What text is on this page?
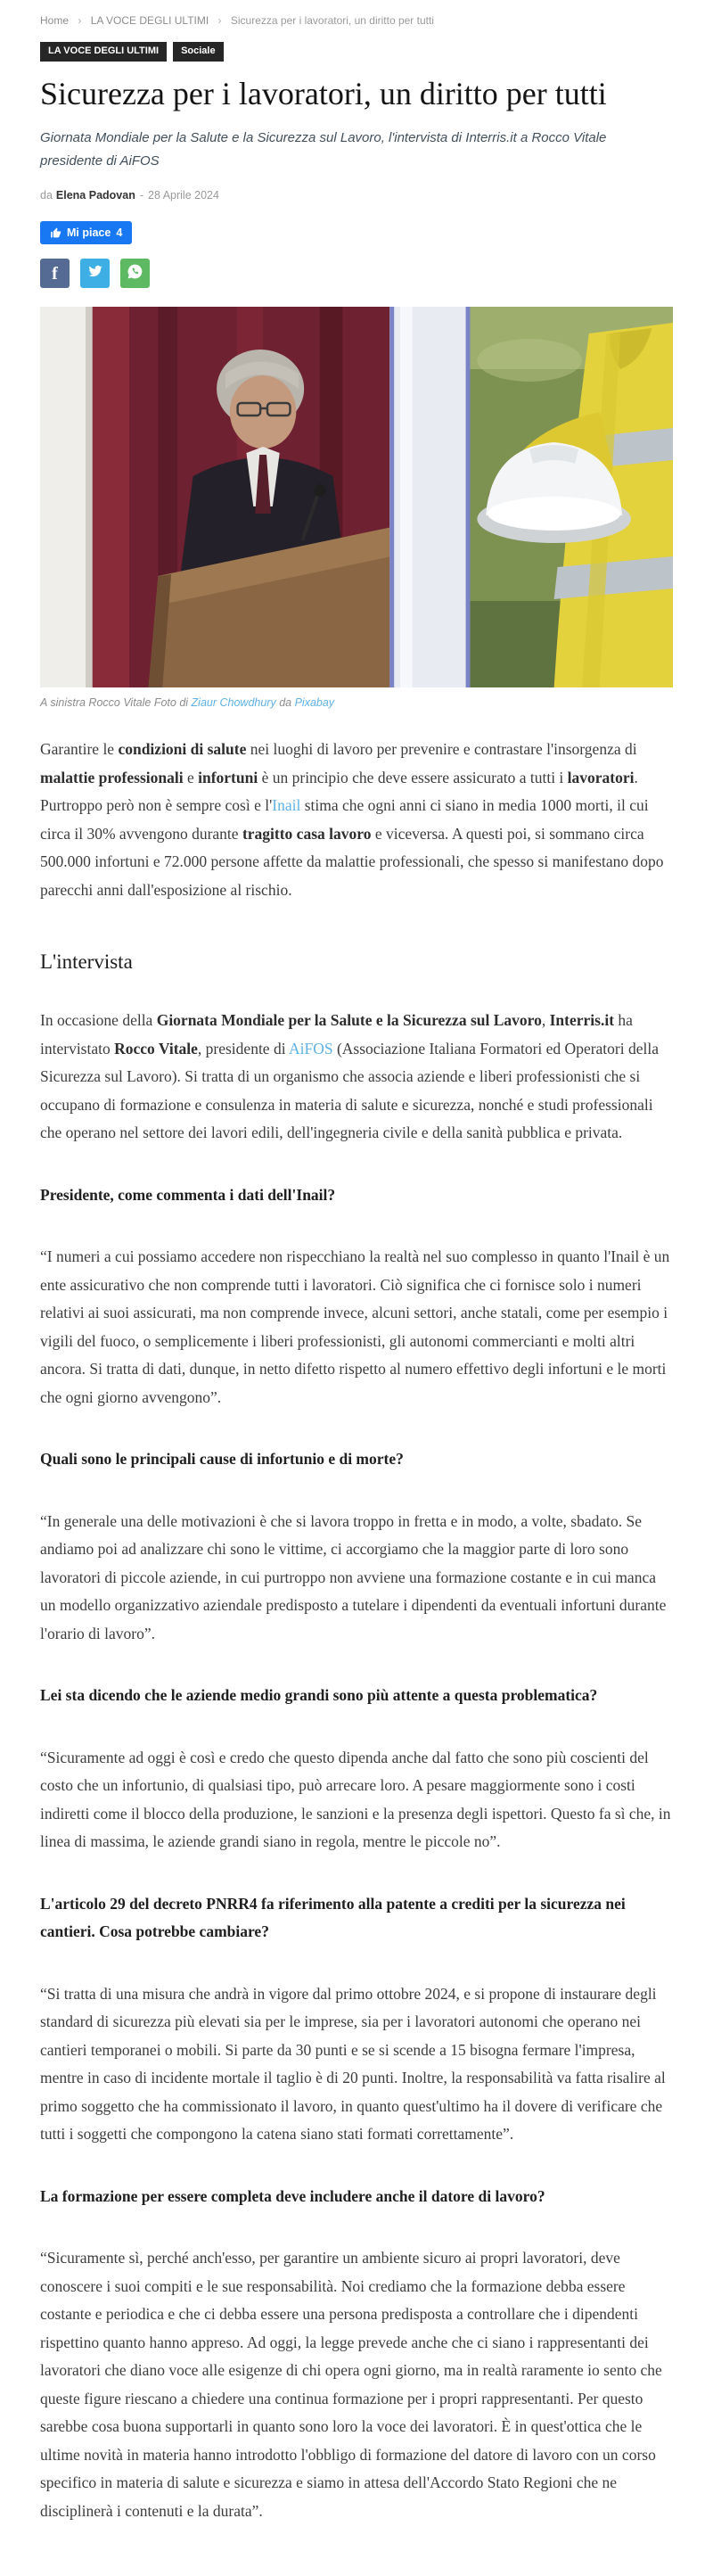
Home › LA VOCE DEGLI ULTIMI › Sicurezza per i lavoratori, un diritto per tutti
LA VOCE DEGLI ULTIMI	Sociale
Sicurezza per i lavoratori, un diritto per tutti

Giornata Mondiale per la Salute e la Sicurezza sul Lavoro, l'intervista di Interris.it a Rocco Vitale presidente di AiFOS

da Elena Padovan - 28 Aprile 2024
Mi piace 4
f
A sinistra Rocco Vitale Foto di Ziaur Chowdhury da Pixabay

Garantire le condizioni di salute nei luoghi di lavoro per prevenire e contrastare l'insorgenza di malattie professionali e infortuni è un principio che deve essere assicurato a tutti i lavoratori. Purtroppo però non è sempre così e l'Inail stima che ogni anni ci siano in media 1000 morti, il cui circa il 30% avvengono durante tragitto casa lavoro e viceversa. A questi poi, si sommano circa 500.000 infortuni e 72.000 persone affette da malattie professionali, che spesso si manifestano dopo parecchi anni dall'esposizione al rischio.

L'intervista

In occasione della Giornata Mondiale per la Salute e la Sicurezza sul Lavoro, Interris.it ha intervistato Rocco Vitale, presidente di AiFOS (Associazione Italiana Formatori ed Operatori della Sicurezza sul Lavoro). Si tratta di un organismo che associa aziende e liberi professionisti che si occupano di formazione e consulenza in materia di salute e sicurezza, nonché e studi professionali che operano nel settore dei lavori edili, dell'ingegneria civile e della sanità pubblica e privata.

Presidente, come commenta i dati dell'Inail?

“I numeri a cui possiamo accedere non rispecchiano la realtà nel suo complesso in quanto l'Inail è un ente assicurativo che non comprende tutti i lavoratori. Ciò significa che ci fornisce solo i numeri relativi ai suoi assicurati, ma non comprende invece, alcuni settori, anche statali, come per esempio i vigili del fuoco, o semplicemente i liberi professionisti, gli autonomi commercianti e molti altri ancora. Si tratta di dati, dunque, in netto difetto rispetto al numero effettivo degli infortuni e le morti che ogni giorno avvengono”.

Quali sono le principali cause di infortunio e di morte?

“In generale una delle motivazioni è che si lavora troppo in fretta e in modo, a volte, sbadato. Se andiamo poi ad analizzare chi sono le vittime, ci accorgiamo che la maggior parte di loro sono lavoratori di piccole aziende, in cui purtroppo non avviene una formazione costante e in cui manca un modello organizzativo aziendale predisposto a tutelare i dipendenti da eventuali infortuni durante l'orario di lavoro”.

Lei sta dicendo che le aziende medio grandi sono più attente a questa problematica?

“Sicuramente ad oggi è così e credo che questo dipenda anche dal fatto che sono più coscienti del costo che un infortunio, di qualsiasi tipo, può arrecare loro. A pesare maggiormente sono i costi indiretti come il blocco della produzione, le sanzioni e la presenza degli ispettori. Questo fa sì che, in linea di massima, le aziende grandi siano in regola, mentre le piccole no”.

L'articolo 29 del decreto PNRR4 fa riferimento alla patente a crediti per la sicurezza nei cantieri. Cosa potrebbe cambiare?

“Si tratta di una misura che andrà in vigore dal primo ottobre 2024, e si propone di instaurare degli standard di sicurezza più elevati sia per le imprese, sia per i lavoratori autonomi che operano nei cantieri temporanei o mobili. Si parte da 30 punti e se si scende a 15 bisogna fermare l'impresa, mentre in caso di incidente mortale il taglio è di 20 punti. Inoltre, la responsabilità va fatta risalire al primo soggetto che ha commissionato il lavoro, in quanto quest'ultimo ha il dovere di verificare che tutti i soggetti che compongono la catena siano stati formati correttamente”.

La formazione per essere completa deve includere anche il datore di lavoro?

“Sicuramente sì, perché anch'esso, per garantire un ambiente sicuro ai propri lavoratori, deve conoscere i suoi compiti e le sue responsabilità. Noi crediamo che la formazione debba essere costante e periodica e che ci debba essere una persona predisposta a controllare che i dipendenti rispettino quanto hanno appreso. Ad oggi, la legge prevede anche che ci siano i rappresentanti dei lavoratori che diano voce alle esigenze di chi opera ogni giorno, ma in realtà raramente io sento che queste figure riescano a chiedere una continua formazione per i propri rappresentanti. Per questo sarebbe cosa buona supportarli in quanto sono loro la voce dei lavoratori. È in quest'ottica che le ultime novità in materia hanno introdotto l'obbligo di formazione del datore di lavoro con un corso specifico in materia di salute e sicurezza e siamo in attesa dell'Accordo Stato Regioni che ne disciplinerà i contenuti e la durata”.
